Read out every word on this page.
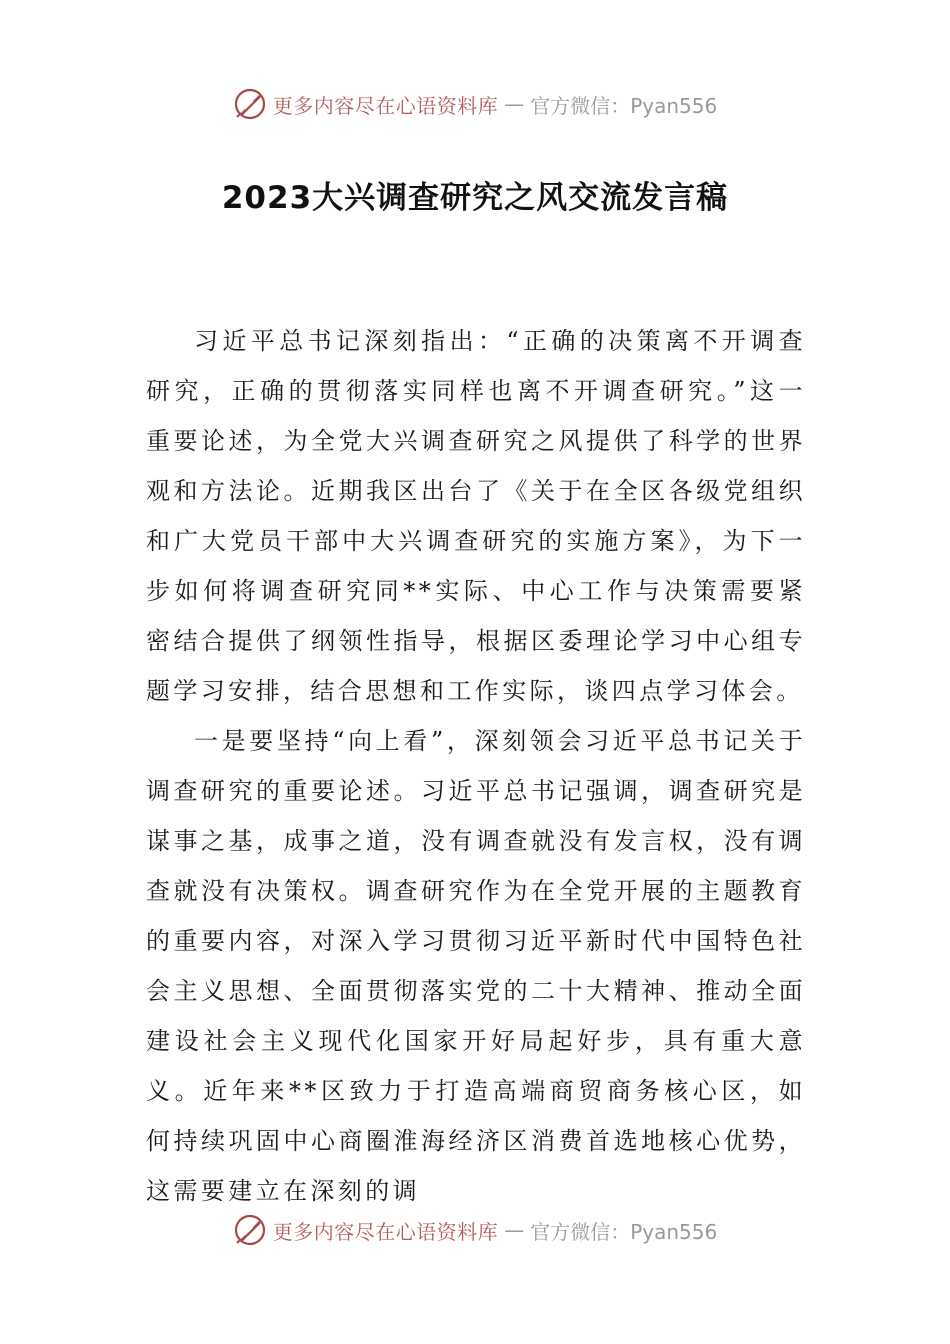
更多内容尽在心语资料库 — 官方微信：Pyan556
2023大兴调查研究之风交流发言稿

习近平总书记深刻指出：“正确的决策离不开调查研究，正确的贯彻落实同样也离不开调查研究。”这一重要论述，为全党大兴调查研究之风提供了科学的世界观和方法论。近期我区出台了《关于在全区各级党组织和广大党员干部中大兴调查研究的实施方案》，为下一步如何将调查研究同**实际、中心工作与决策需要紧密结合提供了纲领性指导，根据区委理论学习中心组专题学习安排，结合思想和工作实际，谈四点学习体会。

一是要坚持“向上看”，深刻领会习近平总书记关于调查研究的重要论述。习近平总书记强调，调查研究是谋事之基，成事之道，没有调查就没有发言权，没有调查就没有决策权。调查研究作为在全党开展的主题教育的重要内容，对深入学习贯彻习近平新时代中国特色社会主义思想、全面贯彻落实党的二十大精神、推动全面建设社会主义现代化国家开好局起好步，具有重大意义。近年来**区致力于打造高端商贸商务核心区，如何持续巩固中心商圈淮海经济区消费首选地核心优势，这需要建立在深刻的调

更多内容尽在心语资料库 — 官方微信：Pyan556
